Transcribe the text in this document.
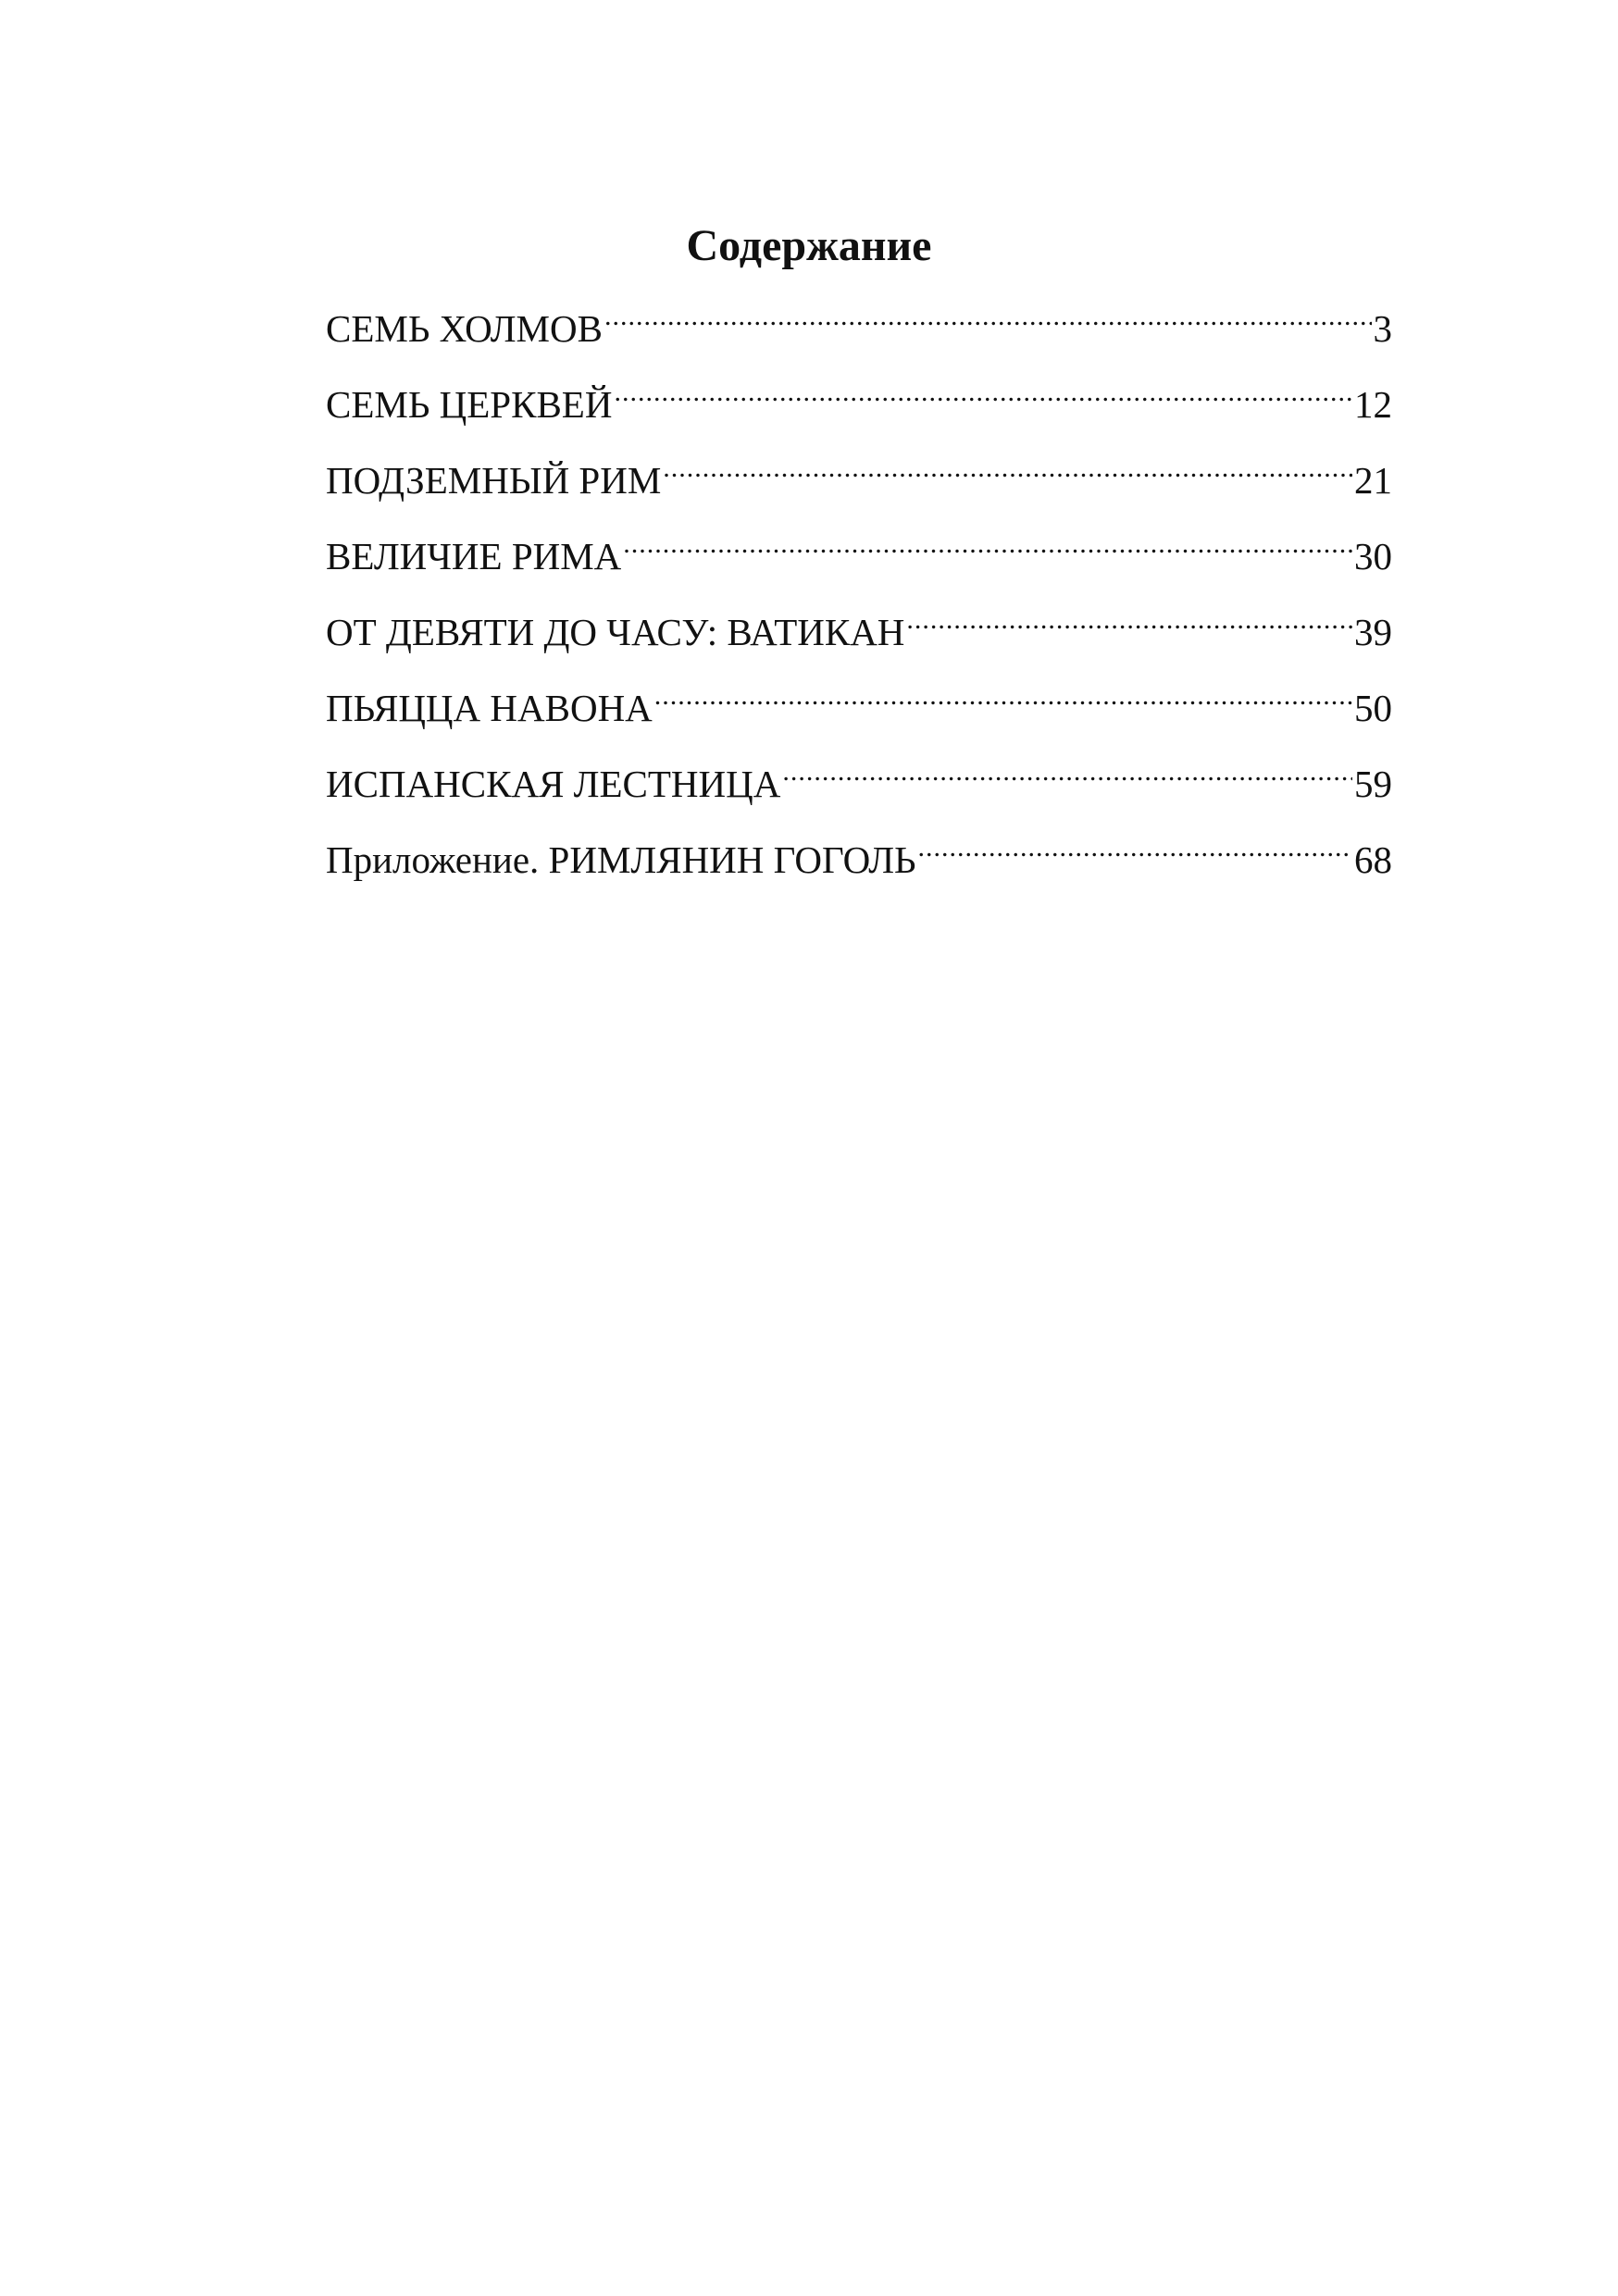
Содержание
СЕМЬ ХОЛМОВ .....	3
СЕМЬ ЦЕРКВЕЙ .....	12
ПОДЗЕМНЫЙ РИМ .....	21
ВЕЛИЧИЕ РИМА .....	30
ОТ ДЕВЯТИ ДО ЧАСУ: ВАТИКАН .....	39
ПЬЯЦЦА НАВОНА .....	50
ИСПАНСКАЯ ЛЕСТНИЦА .....	59
Приложение. РИМЛЯНИН ГОГОЛЬ .....	68
